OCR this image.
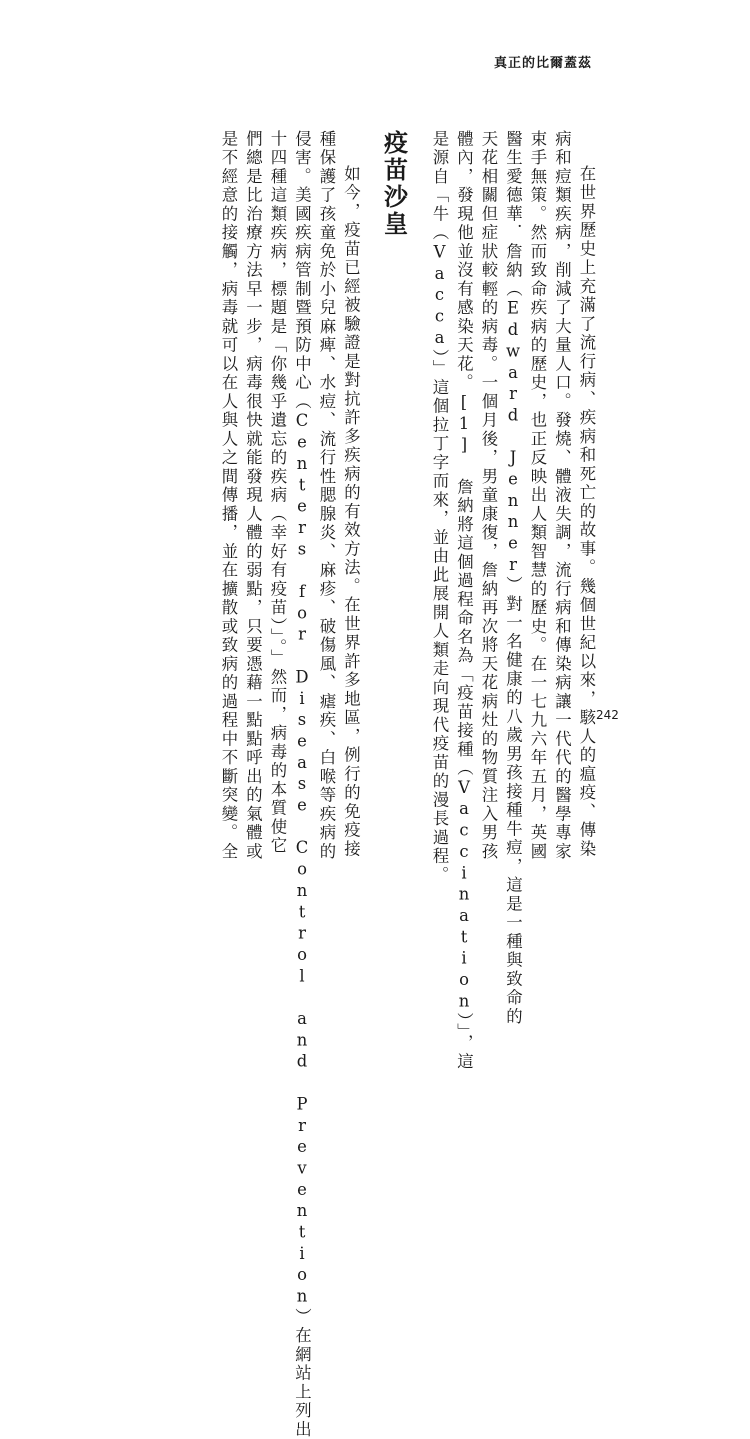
真正的比爾蓋茲
在世界歷史上充滿了流行病、疾病和死亡的故事。幾個世紀以來，駭人的瘟疫、傳染
病和痘類疾病，削減了大量人口。發燒、體液失調，流行病和傳染病讓一代代的醫學專家
束手無策。然而致命疾病的歷史，也正反映出人類智慧的歷史。在一七九六年五月，英國
醫生愛德華．詹納（Edward Jenner）對一名健康的八歲男孩接種牛痘，這是一種與致命的
天花相關但症狀較輕的病毒。一個月後，男童康復，詹納再次將天花病灶的物質注入男孩
體內，發現他並沒有感染天花。[1] 詹納將這個過程命名為「疫苗接種（Vaccination）」，這
是源自「牛（Vacca）」這個拉丁字而來，並由此展開人類走向現代疫苗的漫長過程。
疫苗沙皇
如今，疫苗已經被驗證是對抗許多疾病的有效方法。在世界許多地區，例行的免疫接
種保護了孩童免於小兒麻痺、水痘、流行性腮腺炎、麻疹、破傷風、瘧疾、白喉等疾病的
侵害。美國疾病管制暨預防中心（Centers for Disease Control and Prevention）在網站上列出
十四種這類疾病，標題是「你幾乎遺忘的疾病（幸好有疫苗）」。」然而，病毒的本質使它
們總是比治療方法早一步，病毒很快就能發現人體的弱點，只要憑藉一點點呼出的氣體或
是不經意的接觸，病毒就可以在人與人之間傳播，並在擴散或致病的過程中不斷突變。全	242
